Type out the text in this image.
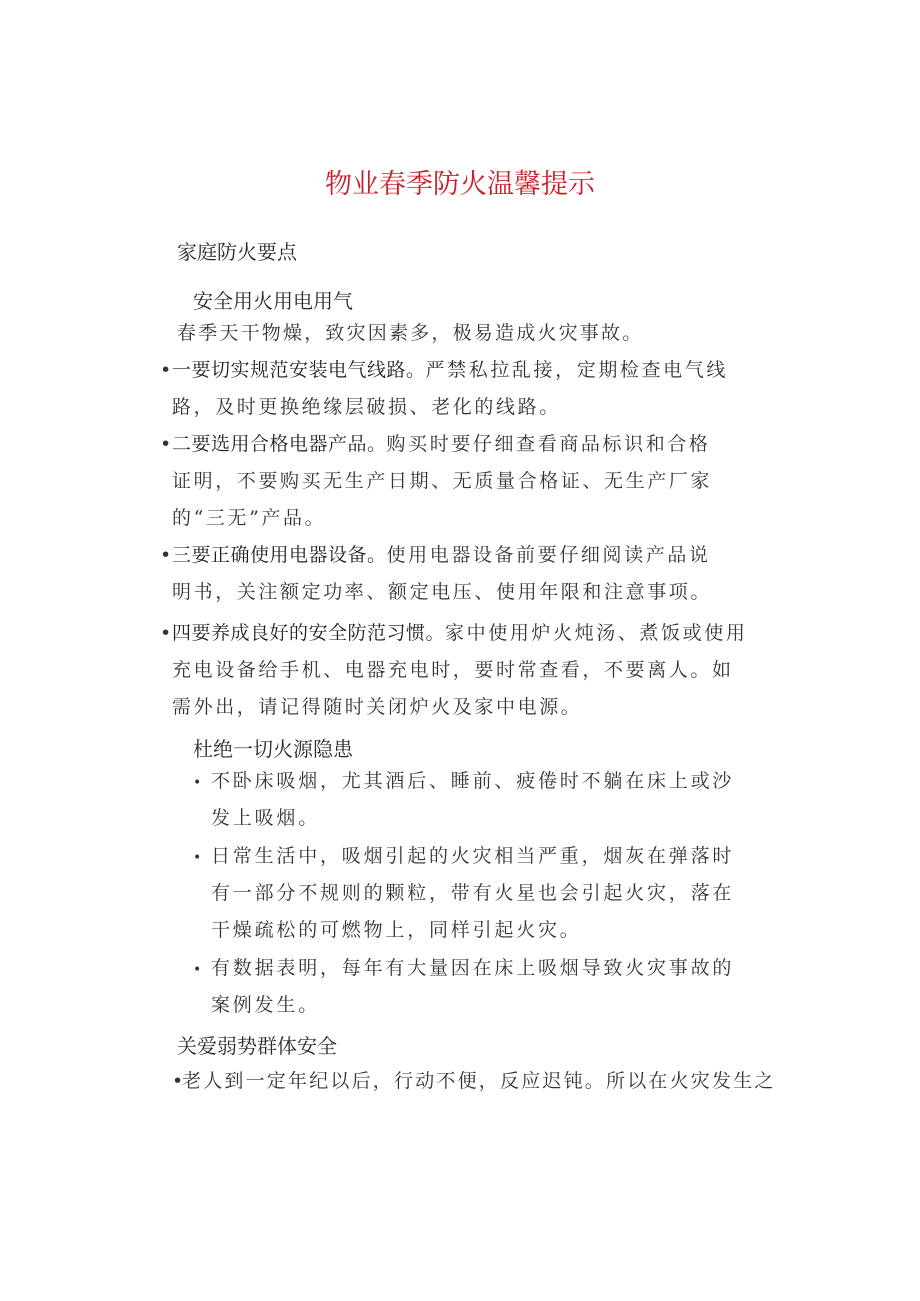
物业春季防火温馨提示
家庭防火要点
安全用火用电用气
春季天干物燥，致灾因素多，极易造成火灾事故。
• 一要切实规范安装电气线路。严禁私拉乱接，定期检查电气线路，及时更换绝缘层破损、老化的线路。
• 二要选用合格电器产品。购买时要仔细查看商品标识和合格证明，不要购买无生产日期、无质量合格证、无生产厂家的“三无”产品。
• 三要正确使用电器设备。使用电器设备前要仔细阅读产品说明书，关注额定功率、额定电压、使用年限和注意事项。
• 四要养成良好的安全防范习惯。家中使用炉火炖汤、煮饭或使用充电设备给手机、电器充电时，要时常查看，不要离人。如需外出，请记得随时关闭炉火及家中电源。
杜绝一切火源隐患
• 不卧床吸烟，尤其酒后、睡前、疲倦时不躺在床上或沙发上吸烟。
• 日常生活中，吸烟引起的火灾相当严重，烟灰在弹落时有一部分不规则的颗粒，带有火星也会引起火灾，落在干燥疏松的可燃物上，同样引起火灾。
• 有数据表明，每年有大量因在床上吸烟导致火灾事故的案例发生。
关爱弱势群体安全
•
老人到一定年纪以后，行动不便，反应迟钝。所以在火灾发生之
